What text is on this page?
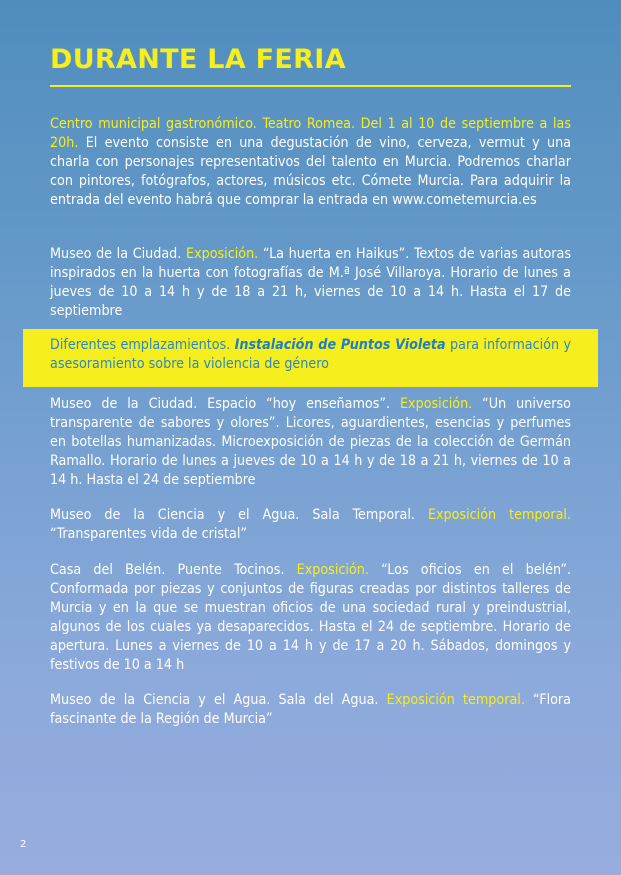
DURANTE LA FERIA

Centro municipal gastronómico. Teatro Romea. Del 1 al 10 de septiembre a las 20h. El evento consiste en una degustación de vino, cerveza, vermut y una charla con personajes representativos del talento en Murcia. Podremos charlar con pintores, fotógrafos, actores, músicos etc. Cómete Murcia. Para adquirir la entrada del evento habrá que comprar la entrada en www.cometemurcia.es

Museo de la Ciudad. Exposición. “La huerta en Haikus”. Textos de varias autoras inspirados en la huerta con fotografías de M.ª José Villaroya. Horario de lunes a jueves de 10 a 14 h y de 18 a 21 h, viernes de 10 a 14 h. Hasta el 17 de septiembre

Diferentes emplazamientos. Instalación de Puntos Violeta para información y asesoramiento sobre la violencia de género

Museo de la Ciudad. Espacio “hoy enseñamos”. Exposición. “Un universo transparente de sabores y olores”. Licores, aguardientes, esencias y perfumes en botellas humanizadas. Microexposición de piezas de la colección de Germán Ramallo. Horario de lunes a jueves de 10 a 14 h y de 18 a 21 h, viernes de 10 a 14 h. Hasta el 24 de septiembre

Museo de la Ciencia y el Agua. Sala Temporal. Exposición temporal. “Transparentes vida de cristal”

Casa del Belén. Puente Tocinos. Exposición. “Los oficios en el belén”. Conformada por piezas y conjuntos de figuras creadas por distintos talleres de Murcia y en la que se muestran oficios de una sociedad rural y preindustrial, algunos de los cuales ya desaparecidos. Hasta el 24 de septiembre. Horario de apertura. Lunes a viernes de 10 a 14 h y de 17 a 20 h. Sábados, domingos y festivos de 10 a 14 h

Museo de la Ciencia y el Agua. Sala del Agua. Exposición temporal. “Flora fascinante de la Región de Murcia”

2
